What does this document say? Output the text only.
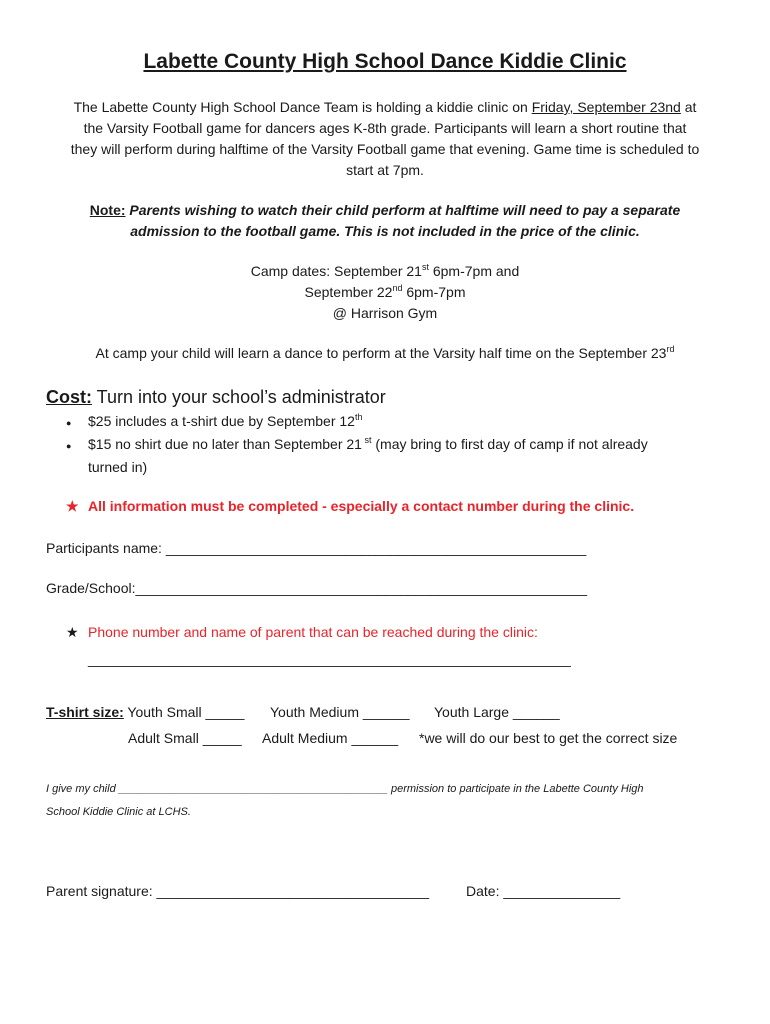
Labette County High School Dance Kiddie Clinic
The Labette County High School Dance Team is holding a kiddie clinic on Friday, September 23nd at
the Varsity Football game for dancers ages K-8th grade. Participants will learn a short routine that
they will perform during halftime of the Varsity Football game that evening. Game time is scheduled to
start at 7pm.
Note: Parents wishing to watch their child perform at halftime will need to pay a separate
admission to the football game. This is not included in the price of the clinic.
Camp dates: September 21st 6pm-7pm and
September 22nd 6pm-7pm
@ Harrison Gym
At camp your child will learn a dance to perform at the Varsity half time on the September 23rd
Cost: Turn into your school’s administrator
● $25 includes a t-shirt due by September 12th
● $15 no shirt due no later than September 21 $^{st}$ (may bring to first day of camp if not already
turned in)
★ All information must be completed - especially a contact number during the clinic.
Participants name: ______________________________________________________
Grade/School:__________________________________________________________
★ Phone number and name of parent that can be reached during the clinic:
______________________________________________________________
T-shirt size: Youth Small _____ Youth Medium ______ Youth Large ______
Adult Small _____ Adult Medium ______ *we will do our best to get the correct size
I give my child ____________________________________________ permission to participate in the Labette County High
School Kiddie Clinic at LCHS.
Parent signature: ___________________________________	Date: _______________
